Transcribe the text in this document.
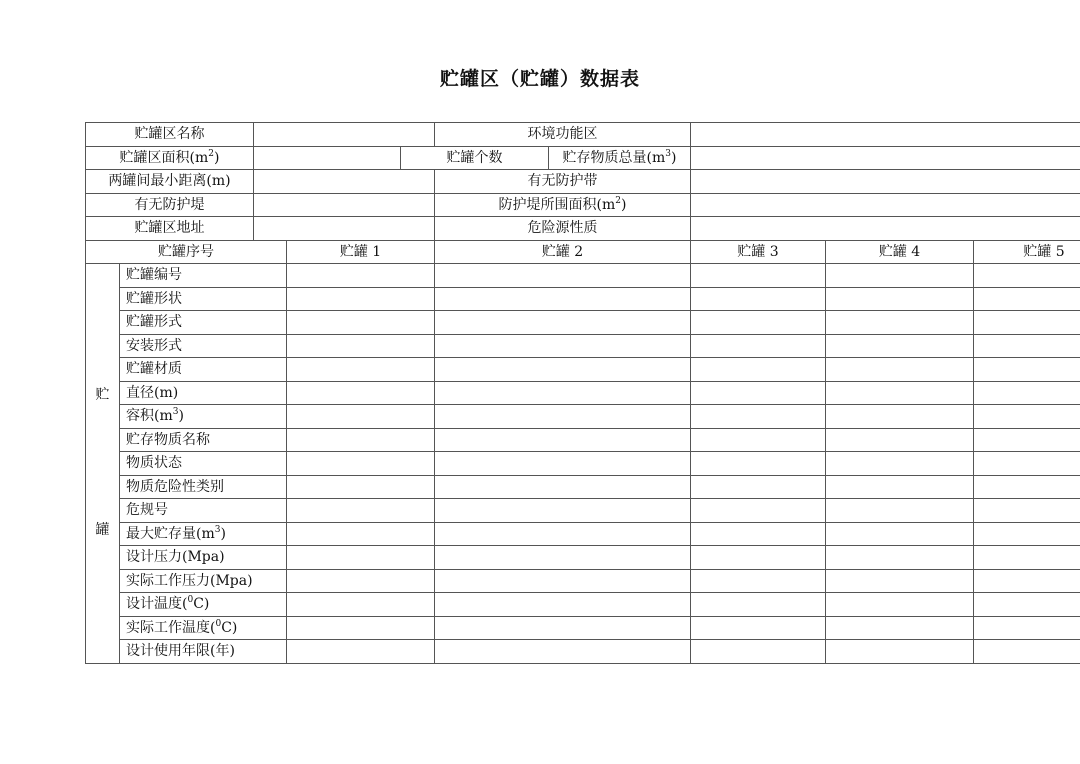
贮罐区（贮罐）数据表
贮罐区名称					环境功能区				
贮罐区面积$(m^2)$				贮罐个数		贮存物质总量$(m^3)$			
两罐间最小距离(m)					有无防护带				
有无防护堤					防护堤所围面积$(m^2)$				
贮罐区地址					危险源性质				
贮罐序号			贮罐 1		贮罐 2		贮罐 3	贮罐 4	贮罐 5

贮
罐	贮罐编号								
	贮罐形状								
	贮罐形式								
	安装形式								
	贮罐材质								
	直径(m)								
	容积$(m^3)$								
	贮存物质名称								
	物质状态								
	物质危险性类别								
	危规号								
	最大贮存量$(m^3)$								
	设计压力(Mpa)								
	实际工作压力(Mpa)								
	设计温度($^0$C)								
	实际工作温度($^0$C)								
	设计使用年限(年)								
